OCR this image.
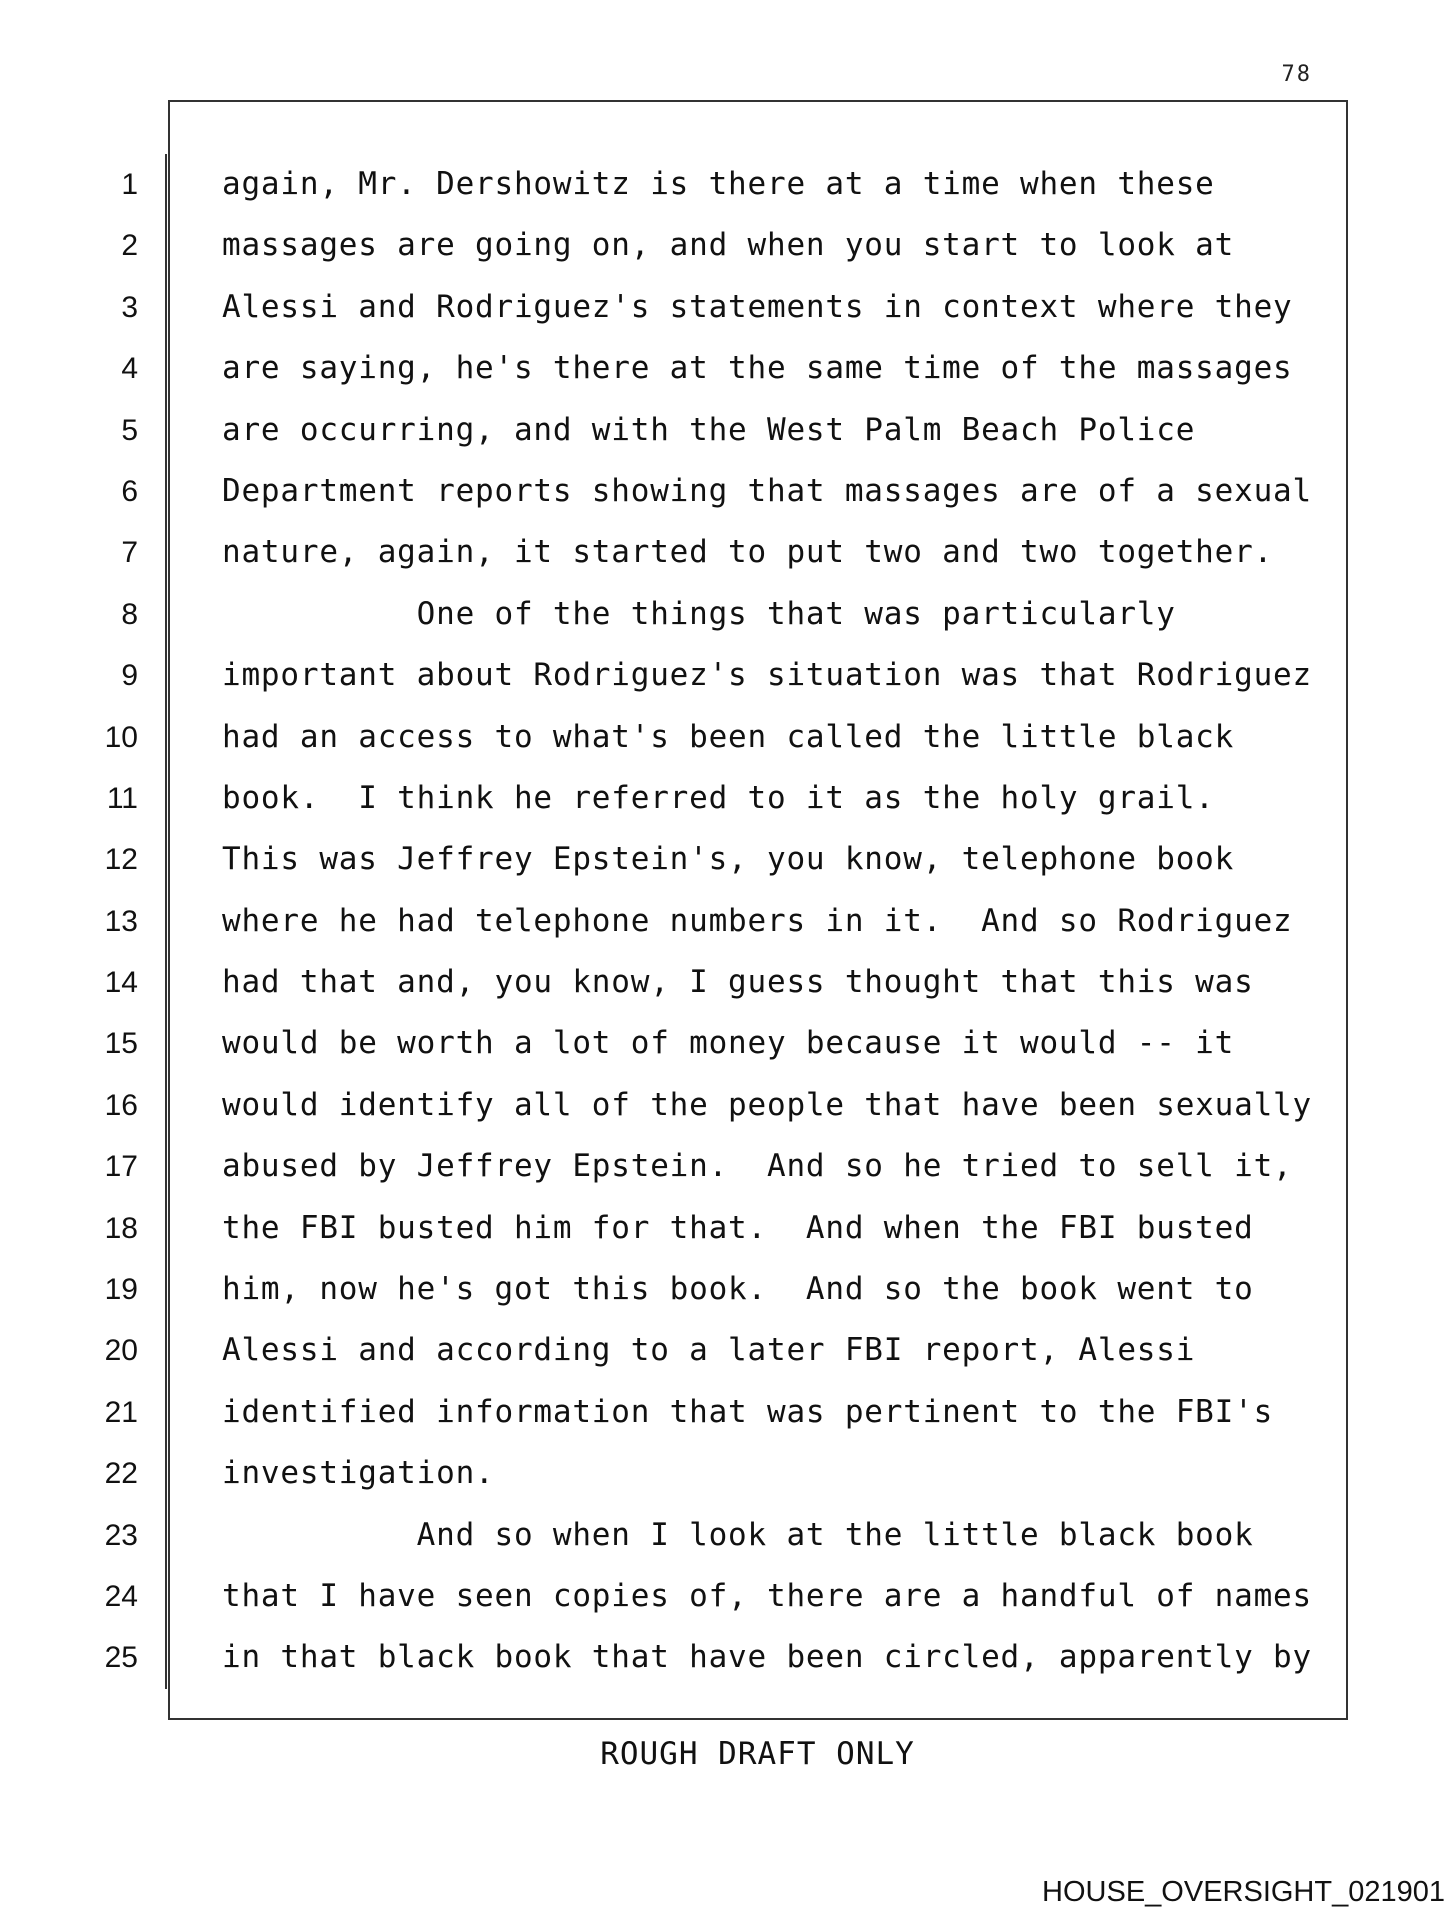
78
1
2
3
4
5
6
7
8
9
10
11
12
13
14
15
16
17
18
19
20
21
22
23
24
25
again, Mr. Dershowitz is there at a time when these
massages are going on, and when you start to look at
Alessi and Rodriguez's statements in context where they
are saying, he's there at the same time of the massages
are occurring, and with the West Palm Beach Police
Department reports showing that massages are of a sexual
nature, again, it started to put two and two together.
One of the things that was particularly
important about Rodriguez's situation was that Rodriguez
had an access to what's been called the little black
book.  I think he referred to it as the holy grail.
This was Jeffrey Epstein's, you know, telephone book
where he had telephone numbers in it.  And so Rodriguez
had that and, you know, I guess thought that this was
would be worth a lot of money because it would -- it
would identify all of the people that have been sexually
abused by Jeffrey Epstein.  And so he tried to sell it,
the FBI busted him for that.  And when the FBI busted
him, now he's got this book.  And so the book went to
Alessi and according to a later FBI report, Alessi
identified information that was pertinent to the FBI's
investigation.
And so when I look at the little black book
that I have seen copies of, there are a handful of names
in that black book that have been circled, apparently by
ROUGH DRAFT ONLY
HOUSE_OVERSIGHT_021901
